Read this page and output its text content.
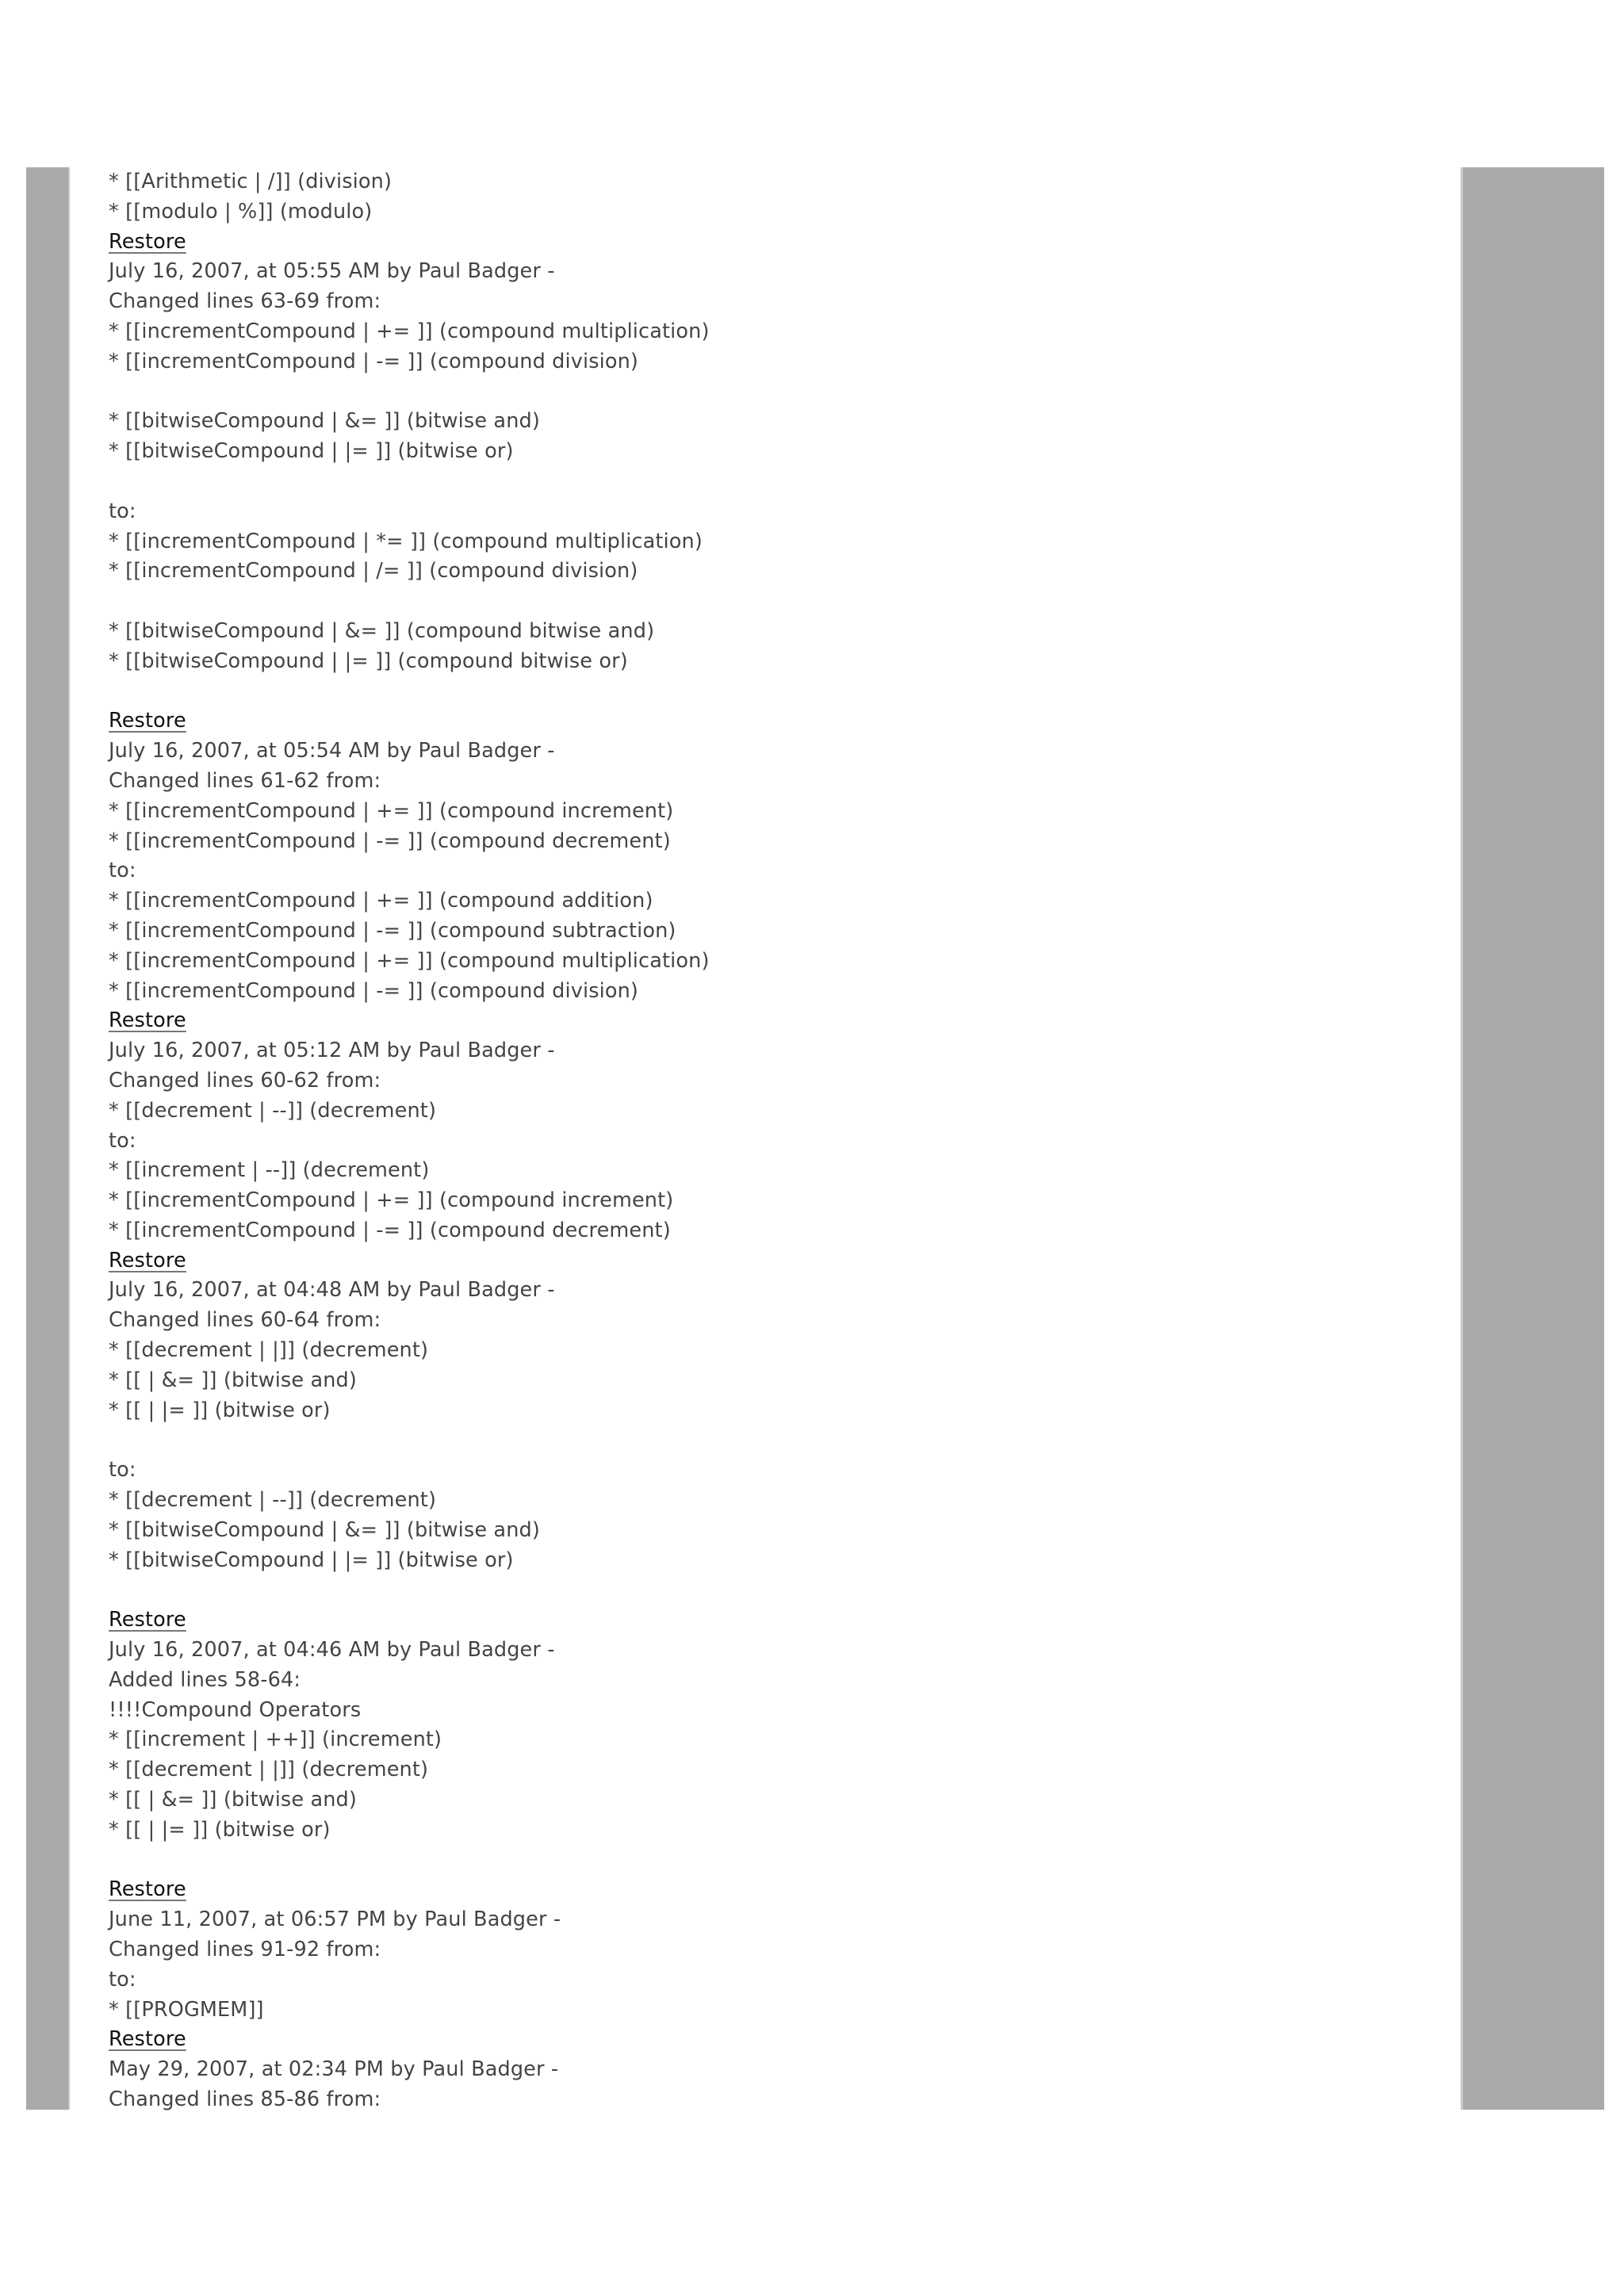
* [[Arithmetic | /]] (division)
* [[modulo | %]] (modulo)
Restore
July 16, 2007, at 05:55 AM by Paul Badger -
Changed lines 63-69 from:
* [[incrementCompound | += ]] (compound multiplication)
* [[incrementCompound | -= ]] (compound division)
* [[bitwiseCompound | &= ]] (bitwise and)
* [[bitwiseCompound | |= ]] (bitwise or)
to:
* [[incrementCompound | *= ]] (compound multiplication)
* [[incrementCompound | /= ]] (compound division)
* [[bitwiseCompound | &= ]] (compound bitwise and)
* [[bitwiseCompound | |= ]] (compound bitwise or)
Restore
July 16, 2007, at 05:54 AM by Paul Badger -
Changed lines 61-62 from:
* [[incrementCompound | += ]] (compound increment)
* [[incrementCompound | -= ]] (compound decrement)
to:
* [[incrementCompound | += ]] (compound addition)
* [[incrementCompound | -= ]] (compound subtraction)
* [[incrementCompound | += ]] (compound multiplication)
* [[incrementCompound | -= ]] (compound division)
Restore
July 16, 2007, at 05:12 AM by Paul Badger -
Changed lines 60-62 from:
* [[decrement | --]] (decrement)
to:
* [[increment | --]] (decrement)
* [[incrementCompound | += ]] (compound increment)
* [[incrementCompound | -= ]] (compound decrement)
Restore
July 16, 2007, at 04:48 AM by Paul Badger -
Changed lines 60-64 from:
* [[decrement | |]] (decrement)
* [[ | &= ]] (bitwise and)
* [[ | |= ]] (bitwise or)
to:
* [[decrement | --]] (decrement)
* [[bitwiseCompound | &= ]] (bitwise and)
* [[bitwiseCompound | |= ]] (bitwise or)
Restore
July 16, 2007, at 04:46 AM by Paul Badger -
Added lines 58-64:
!!!!Compound Operators
* [[increment | ++]] (increment)
* [[decrement | |]] (decrement)
* [[ | &= ]] (bitwise and)
* [[ | |= ]] (bitwise or)
Restore
June 11, 2007, at 06:57 PM by Paul Badger -
Changed lines 91-92 from:
to:
* [[PROGMEM]]
Restore
May 29, 2007, at 02:34 PM by Paul Badger -
Changed lines 85-86 from:
